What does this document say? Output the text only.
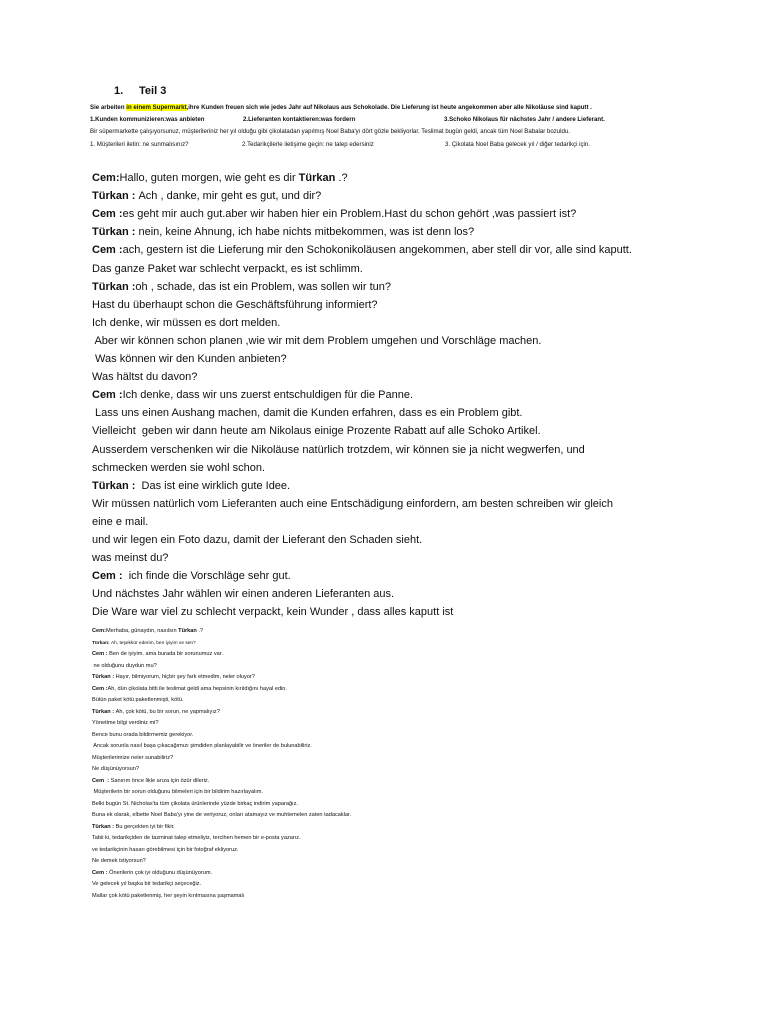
1. Teil 3
Sie arbeiten in einem Supermarkt,ihre Kunden freuen sich wie jedes Jahr auf Nikolaus aus Schokolade. Die Lieferung ist heute angekommen aber alle Nikoläuse sind kaputt .
1.Kunden kommunizieren:was anbieten	2.Lieferanten kontaktieren:was fordern	3.Schoko Nikolaus für nächstes Jahr / andere Lieferant.
Bir süpermarkette çalışıyorsunuz, müşterileriniz her yıl olduğu gibi çikolatadan yapılmış Noel Baba'yı dört gözle bekliyorlar. Teslimat bugün geldi, ancak tüm Noel Babalar bozuldu.
1. Müşterileri iletin: ne sunmalısınız?	2.Tedarikçilerle iletişime geçin: ne talep edersiniz	3. Çikolata Noel Baba gelecek yıl / diğer tedarikçi için.
Cem:Hallo, guten morgen, wie geht es dir Türkan .?
Türkan : Ach , danke, mir geht es gut, und dir?
Cem :es geht mir auch gut.aber wir haben hier ein Problem.Hast du schon gehört ,was passiert ist?
Türkan : nein, keine Ahnung, ich habe nichts mitbekommen, was ist denn los?
Cem :ach, gestern ist die Lieferung mir den Schokonikoläusen angekommen, aber stell dir vor, alle sind kaputt.
Das ganze Paket war schlecht verpackt, es ist schlimm.
Türkan :oh , schade, das ist ein Problem, was sollen wir tun?
Hast du überhaupt schon die Geschäftsführung informiert?
Ich denke, wir müssen es dort melden.
Aber wir können schon planen ,wie wir mit dem Problem umgehen und Vorschläge machen.
Was können wir den Kunden anbieten?
Was hältst du davon?
Cem :Ich denke, dass wir uns zuerst entschuldigen für die Panne.
Lass uns einen Aushang machen, damit die Kunden erfahren, dass es ein Problem gibt.
Vielleicht  geben wir dann heute am Nikolaus einige Prozente Rabatt auf alle Schoko Artikel.
Ausserdem verschenken wir die Nikoläuse natürlich trotzdem, wir können sie ja nicht wegwerfen, und
schmecken werden sie wohl schon.
Türkan :  Das ist eine wirklich gute Idee.
Wir müssen natürlich vom Lieferanten auch eine Entschädigung einfordern, am besten schreiben wir gleich
eine e mail.
und wir legen ein Foto dazu, damit der Lieferant den Schaden sieht.
was meinst du?
Cem :  ich finde die Vorschläge sehr gut.
Und nächstes Jahr wählen wir einen anderen Lieferanten aus.
Die Ware war viel zu schlecht verpackt, kein Wunder , dass alles kaputt ist
Cem:Merhaba, günaydın, nasılsın Türkan .?
Türkan: Ah, teşekkür ederim, ben iyiyim ve sen?
Cem : Ben de iyiyim. ama burada bir sorunumuz var.
ne olduğunu duydun mu?
Türkan : Hayır, bilmiyorum, hiçbir şey fark etmedim, neler oluyor?
Cem :Ah, dün çikolata bitti ile teslimat geldi ama hepsinin kırıldığını hayal edin.
Bütün paket kötü paketlenmişti, kötü.
Türkan : Ah, çok kötü, bu bir sorun, ne yapmalıyız?
Yönetime bilgi verdiniz mi?
Bence bunu orada bildirmemiz gerekiyor.
Ancak sorunla nasıl başa çıkacağımızı şimdiden planlayabilir ve öneriler de bulunabiliriz.
Müşterilerimize neler sunabiliriz?
Ne düşünüyorsun?
Cem  : Sanırım önce likle arıza için özür dileriz.
Müşterilerin bir sorun olduğunu bilmeleri için bir bildirim hazırlayalım.
Belki bugün St. Nicholas'ta tüm çikolata ürünlerinde yüzde birkaç indirim yaparağız.
Buna ek olarak, elbette Noel Baba'yı yine de veriyoruz, onları atamayız ve muhtemelen zaten tadacaklar.
Türkan : Bu gerçekten iyi bir fikir.
Tabii ki, tedarikçiden de tazminat talep etmeliyiz, tercihen hemen bir e-posta yazarız.
ve tedarikçinin hasarı görebilmesi için bir fotoğraf ekliyoruz.
Ne demek istiyorsun?
Cem : Önerilerin çok iyi olduğunu düşünüyorum.
Ve gelecek yıl başka bir tedarikçi seçeceğiz.
Mallar çok kötü paketlenmiş, her şeyin kırılmasına şaşmamalı
